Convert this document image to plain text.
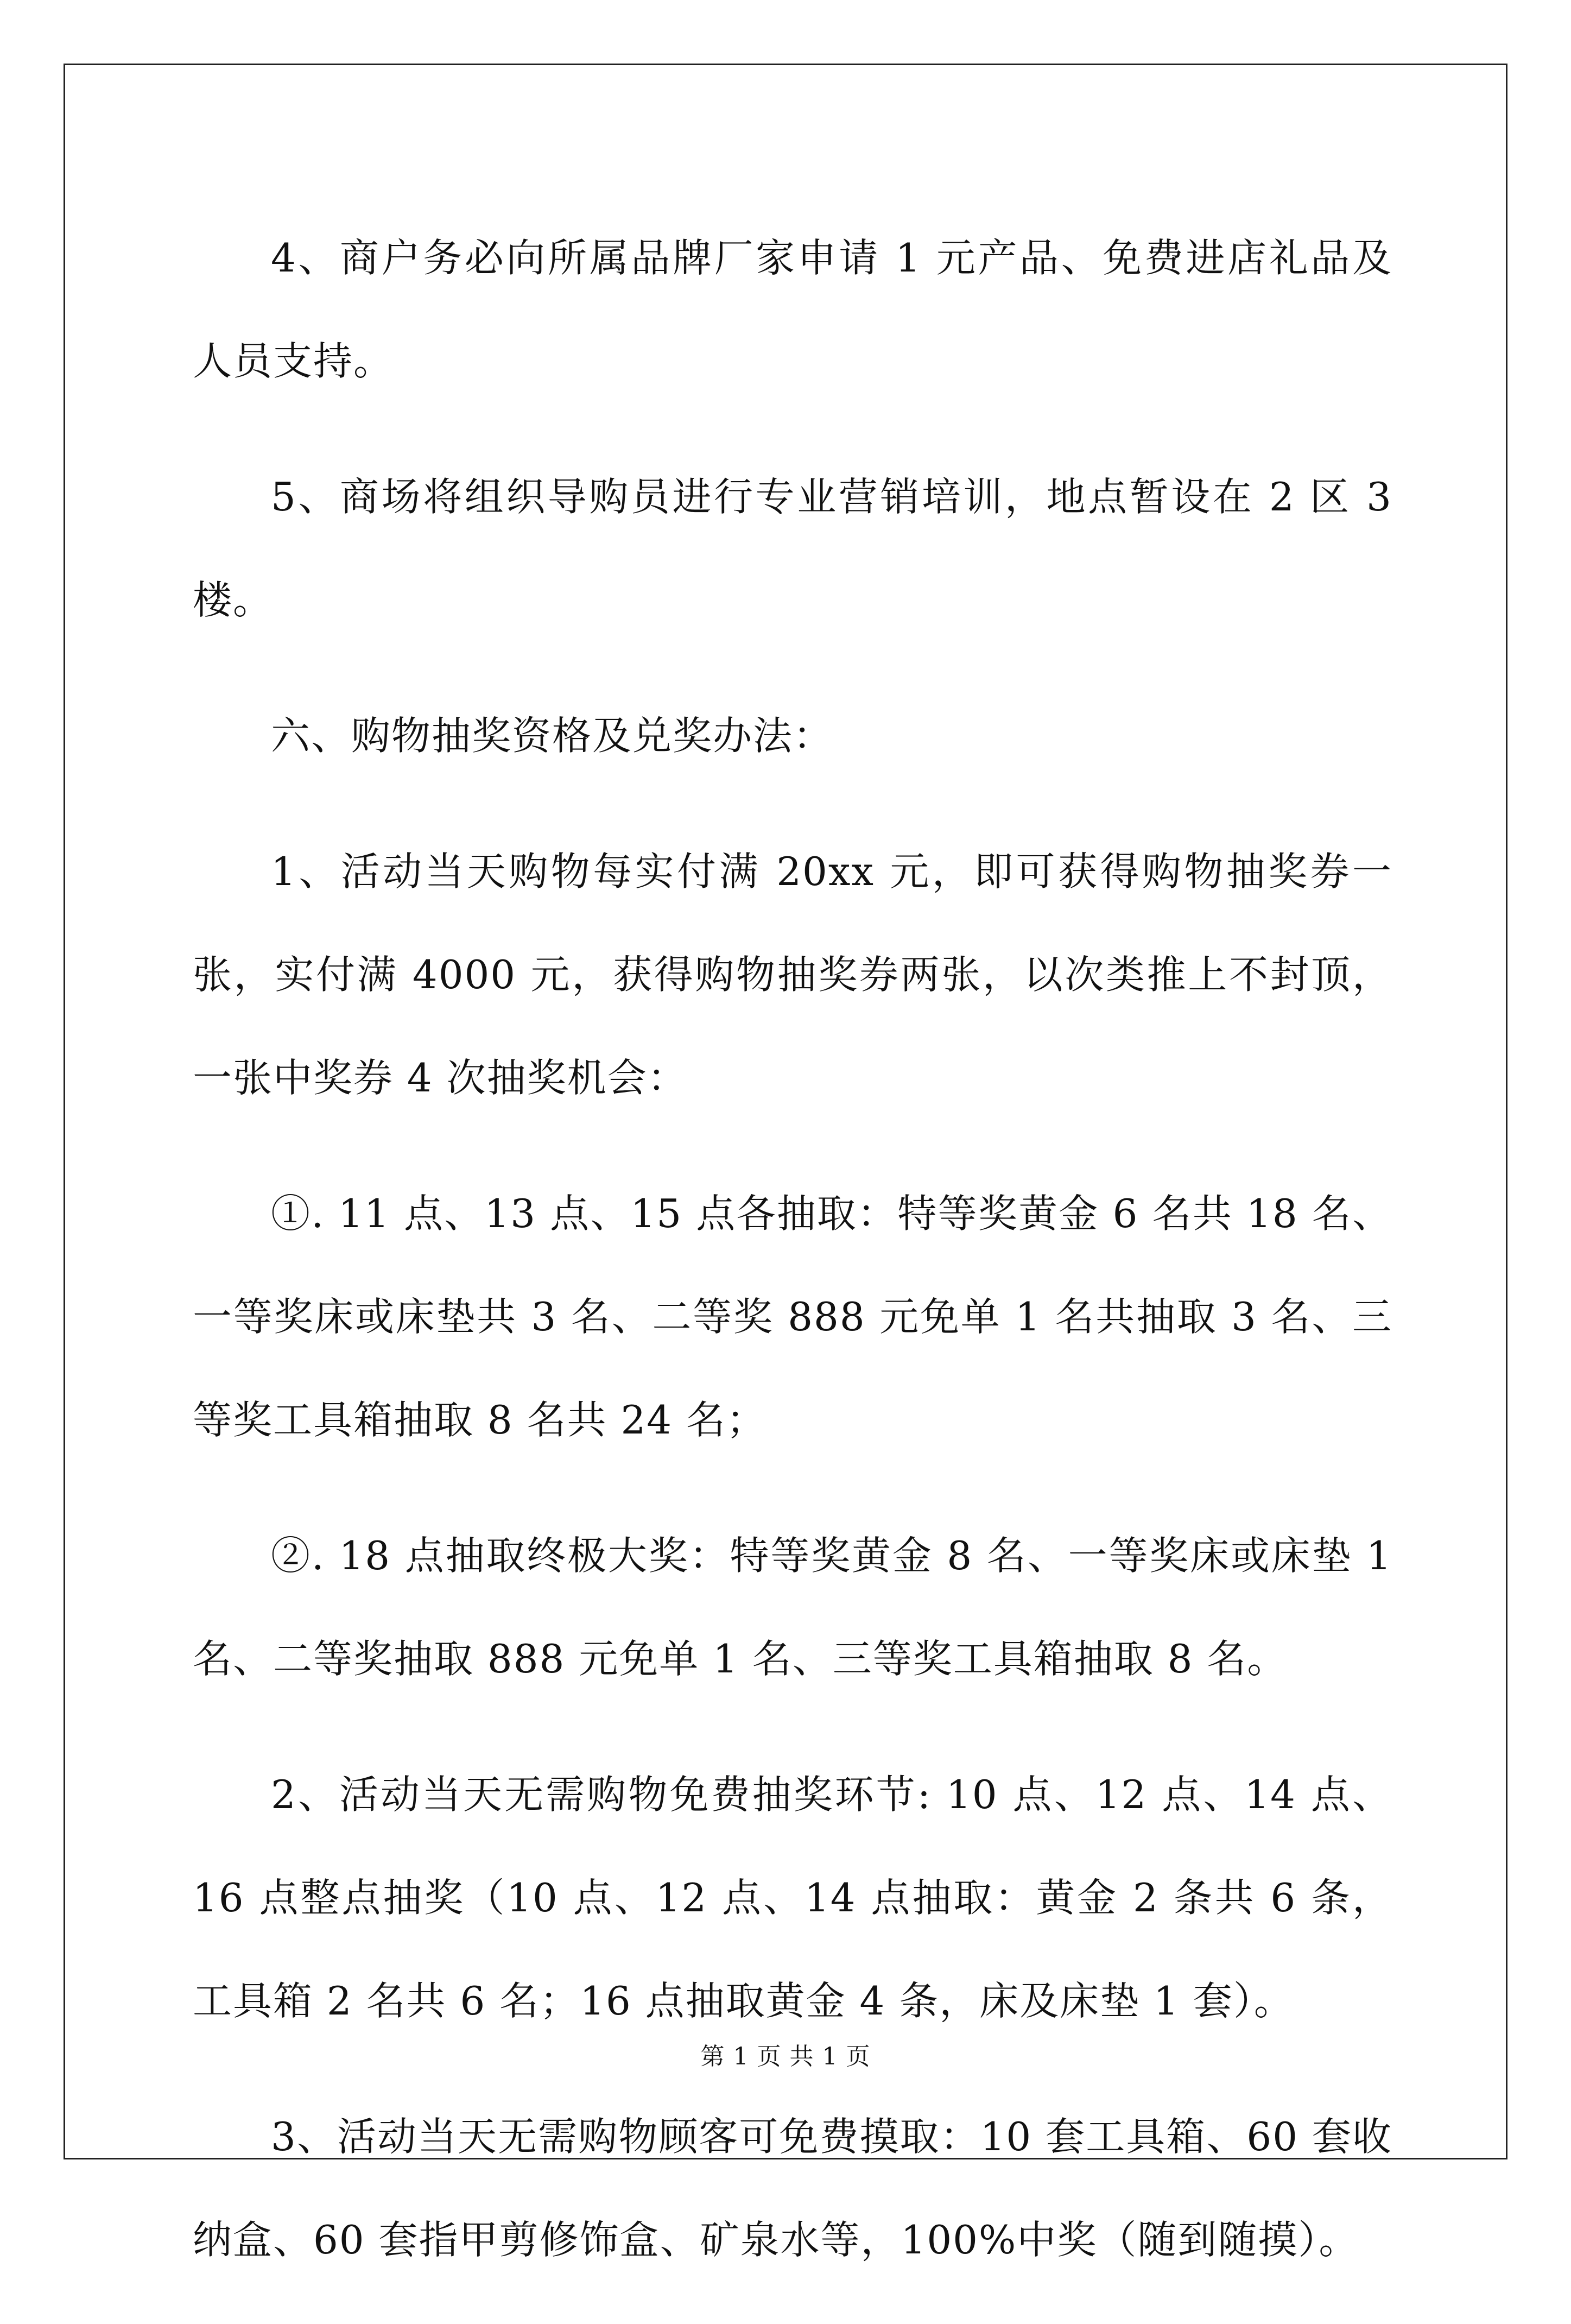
4、商户务必向所属品牌厂家申请 1 元产品、免费进店礼品及人员支持。

5、商场将组织导购员进行专业营销培训，地点暂设在 2 区 3 楼。

六、购物抽奖资格及兑奖办法：

1、活动当天购物每实付满 20xx 元，即可获得购物抽奖券一张，实付满 4000 元，获得购物抽奖券两张，以次类推上不封顶，一张中奖券 4 次抽奖机会：

①. 11 点、13 点、15 点各抽取：特等奖黄金 6 名共 18 名、一等奖床或床垫共 3 名、二等奖 888 元免单 1 名共抽取 3 名、三等奖工具箱抽取 8 名共 24 名；

②. 18 点抽取终极大奖：特等奖黄金 8 名、一等奖床或床垫 1 名、二等奖抽取 888 元免单 1 名、三等奖工具箱抽取 8 名。

2、活动当天无需购物免费抽奖环节: 10 点、12 点、14 点、16 点整点抽奖（10 点、12 点、14 点抽取：黄金 2 条共 6 条，工具箱 2 名共 6 名；16 点抽取黄金 4 条，床及床垫 1 套）。

3、活动当天无需购物顾客可免费摸取：10 套工具箱、60 套收纳盒、60 套指甲剪修饰盒、矿泉水等，100%中奖（随到随摸）。

第 1 页 共 1 页
